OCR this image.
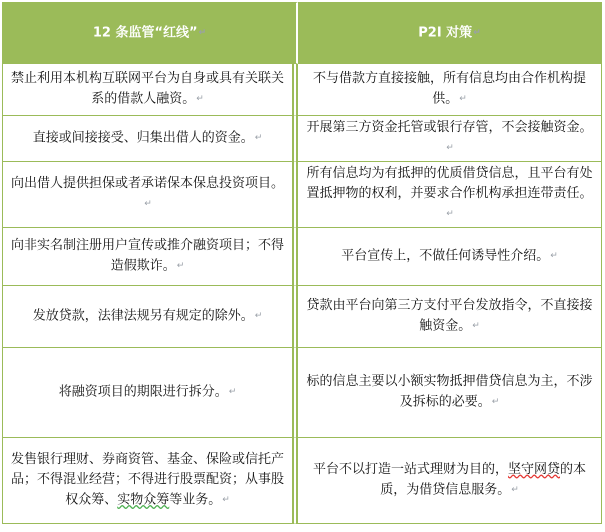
12 条监管“红线”↵	P2I 对策↵
禁止利用本机构互联网平台为自身或具有关联关系的借款人融资。↵	不与借款方直接接触，所有信息均由合作机构提供。↵
直接或间接接受、归集出借人的资金。↵	开展第三方资金托管或银行存管，不会接触资金。↵
向出借人提供担保或者承诺保本保息投资项目。↵	所有信息均为有抵押的优质借贷信息，且平台有处置抵押物的权利，并要求合作机构承担连带责任。↵
向非实名制注册用户宣传或推介融资项目；不得造假欺诈。↵	平台宣传上，不做任何诱导性介绍。↵
发放贷款，法律法规另有规定的除外。↵	贷款由平台向第三方支付平台发放指令，不直接接触资金。↵
将融资项目的期限进行拆分。↵	标的信息主要以小额实物抵押借贷信息为主，不涉及拆标的必要。↵
发售银行理财、券商资管、基金、保险或信托产品；不得混业经营；不得进行股票配资；从事股权众筹、实物众筹等业务。↵	平台不以打造一站式理财为目的，坚守网贷的本质，为借贷信息服务。↵
